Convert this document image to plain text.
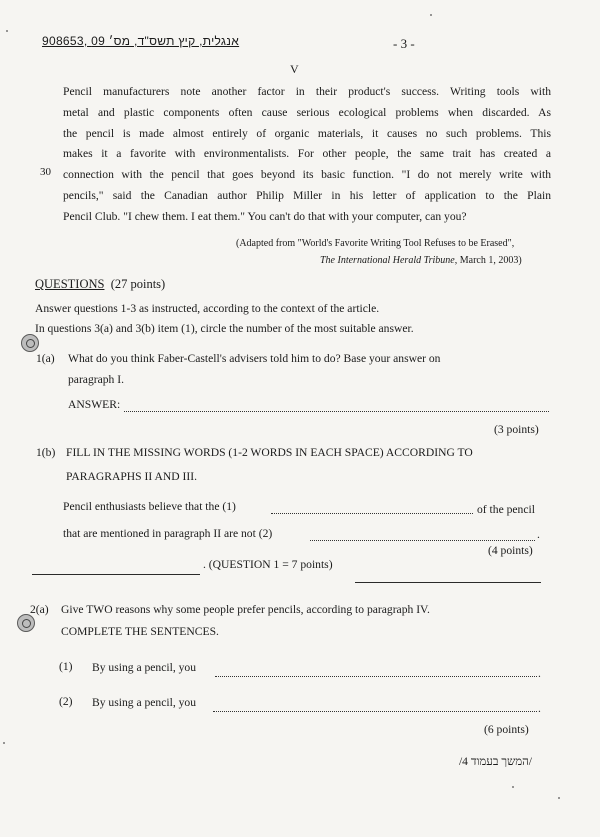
אנגלית, קיץ תשס"ד, מס׳ 09 ,908653	- 3 -
V
Pencil manufacturers note another factor in their product's success. Writing tools with
metal and plastic components often cause serious ecological problems when discarded. As
the pencil is made almost entirely of organic materials, it causes no such problems. This
makes it a favorite with environmentalists. For other people, the same trait has created a
connection with the pencil that goes beyond its basic function. "I do not merely write with
pencils," said the Canadian author Philip Miller in his letter of application to the Plain
Pencil Club. "I chew them. I eat them." You can't do that with your computer, can you?
30
(Adapted from "World's Favorite Writing Tool Refuses to be Erased",
The International Herald Tribune, March 1, 2003)
QUESTIONS (27 points)
Answer questions 1-3 as instructed, according to the context of the article.
In questions 3(a) and 3(b) item (1), circle the number of the most suitable answer.
1(a) What do you think Faber-Castell's advisers told him to do? Base your answer on
paragraph I.
ANSWER:
(3 points)
1(b) FILL IN THE MISSING WORDS (1-2 WORDS IN EACH SPACE) ACCORDING TO
PARAGRAPHS II AND III.
Pencil enthusiasts believe that the (1)	of the pencil
that are mentioned in paragraph II are not (2)	.
(4 points)
. (QUESTION 1 = 7 points)
2(a) Give TWO reasons why some people prefer pencils, according to paragraph IV.
COMPLETE THE SENTENCES.
(1) By using a pencil, you	.
(2) By using a pencil, you	.
(6 points)
/המשך בעמוד 4/
